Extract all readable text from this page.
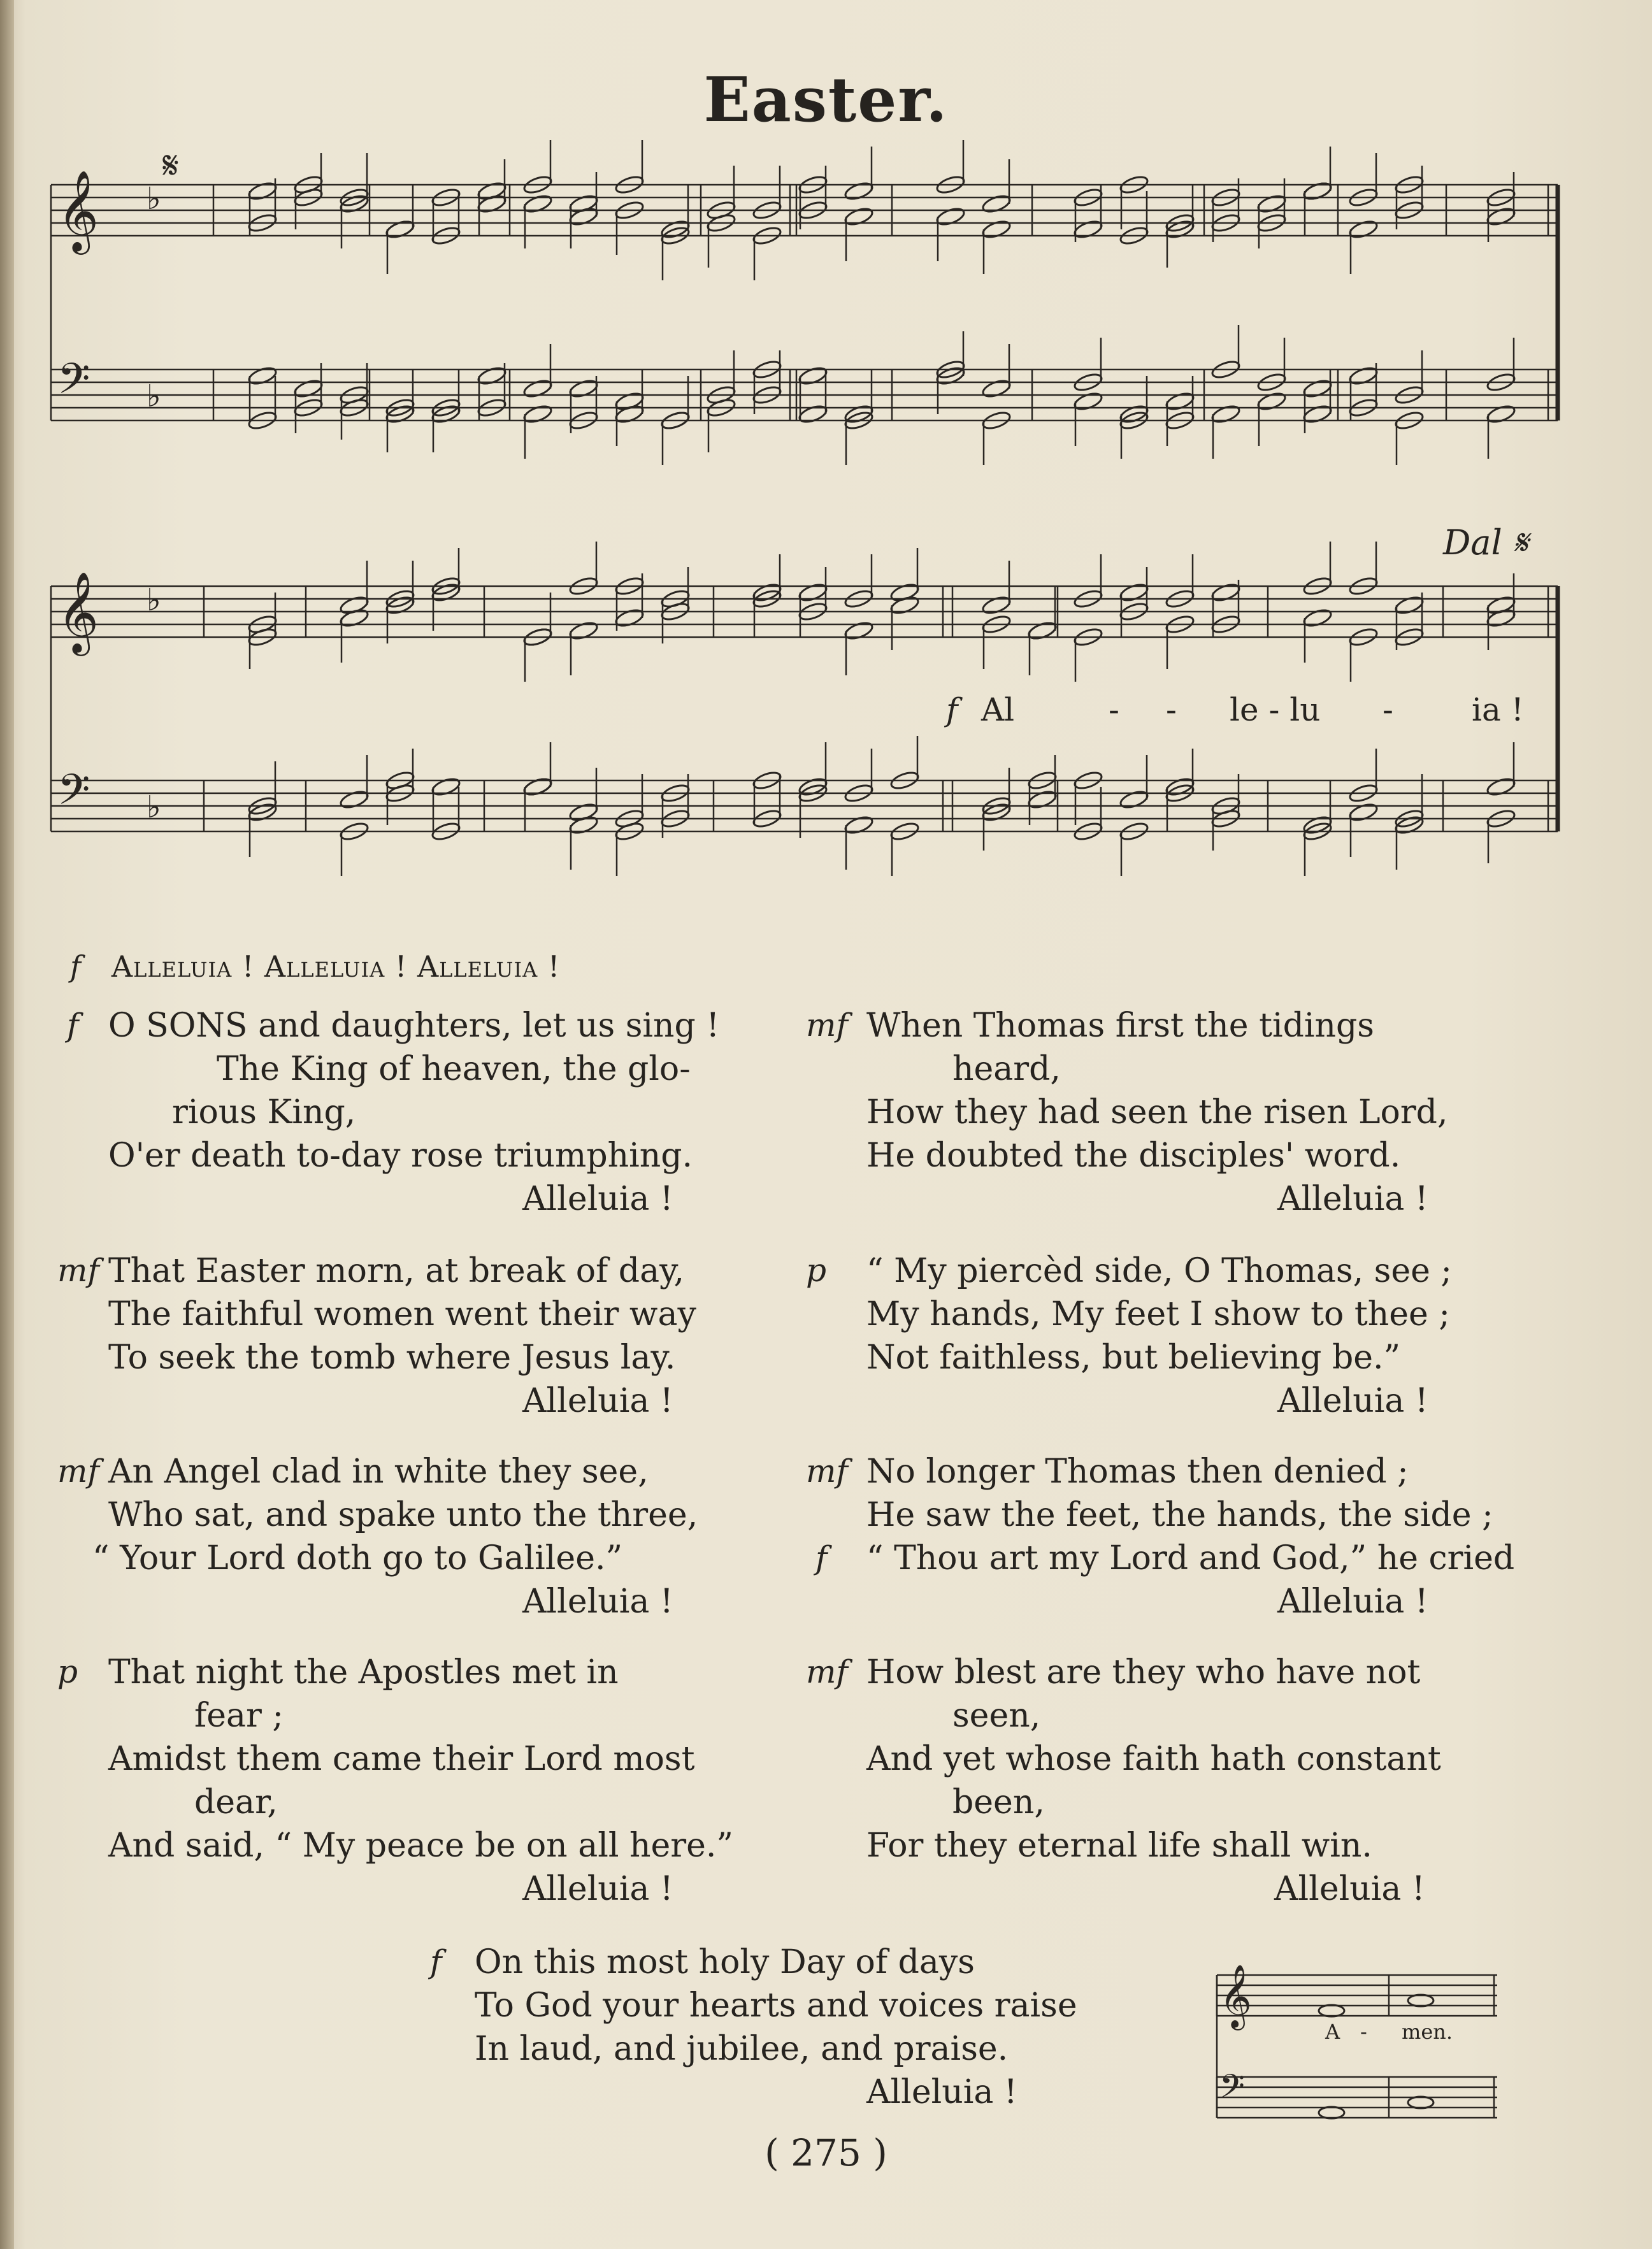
Easter.
𝄞 ♭
𝄢 ♭
𝄞 ♭
𝄢 ♭
𝄋
Dal 𝄋
f Al	- - le - lu - ia !
f Alleluia ! Alleluia ! Alleluia !
f O SONS and daughters, let us sing !
The King of heaven, the glo-
rious King,
O'er death to-day rose triumphing.
Alleluia !
mf That Easter morn, at break of day,
The faithful women went their way
To seek the tomb where Jesus lay.
Alleluia !
mf An Angel clad in white they see,
Who sat, and spake unto the three,
“ Your Lord doth go to Galilee.”
Alleluia !
p That night the Apostles met in
fear ;
Amidst them came their Lord most
dear,
And said, “ My peace be on all here.”
Alleluia !
mf When Thomas first the tidings
heard,
How they had seen the risen Lord,
He doubted the disciples' word.
Alleluia !
p “ My piercèd side, O Thomas, see ;
My hands, My feet I show to thee ;
Not faithless, but believing be.”
Alleluia !
mf No longer Thomas then denied ;
He saw the feet, the hands, the side ;
f “ Thou art my Lord and God,” he cried
Alleluia !
mf How blest are they who have not
seen,
And yet whose faith hath constant
been,
For they eternal life shall win.
Alleluia !
f On this most holy Day of days
To God your hearts and voices raise
In laud, and jubilee, and praise.
Alleluia !
𝄞
𝄢
A - men.
( 275 )
